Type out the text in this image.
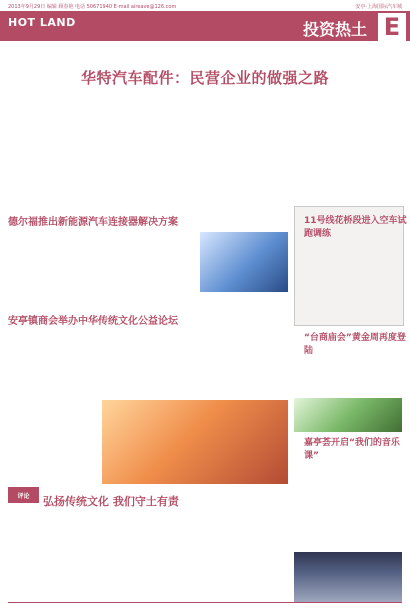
2013年9月29日 编辑 顾春艳 电话 50671940 E-mail aireave@126.com	安亭·上海国际汽车城
HOT LAND	投资热土 E
华特汽车配件：民营企业的做强之路
德尔福推出新能源汽车连接器解决方案
安亭镇商会举办中华传统文化公益论坛
11号线花桥段进入空车试跑调练
“台商庙会”黄金周再度登陆
嘉亭荟开启“我们的音乐课”
评论	弘扬传统文化 我们守土有责
